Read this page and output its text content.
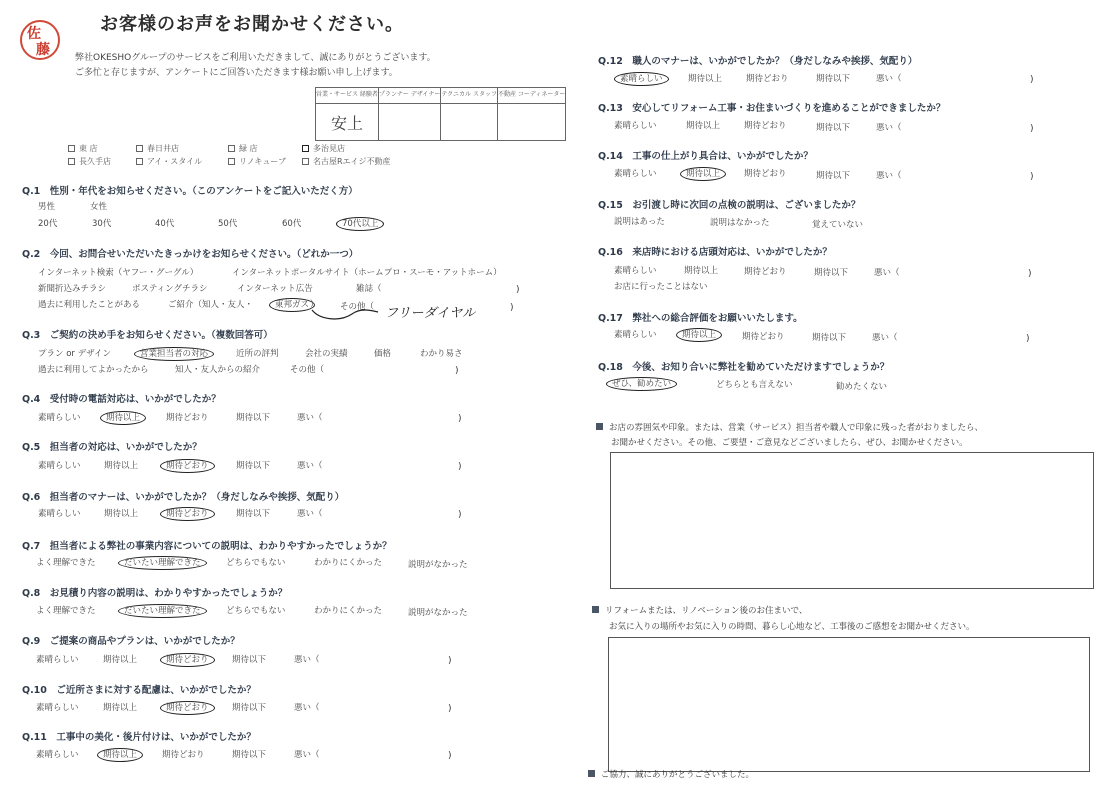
佐
藤
お客様のお声をお聞かせください。
弊社OKESHOグループのサービスをご利用いただきまして、誠にありがとうございます。
ご多忙と存じますが、アンケートにご回答いただきます様お願い申し上げます。
営業・サービス 経験者	プランナー デザイナー	テクニカル スタッフ	不動産 コーディネーター
安上			
東 店	春日井店	緑 店	多治見店
長久手店	アイ・スタイル	リノキューブ	名古屋Rエイジ不動産
Q.1　性別・年代をお知らせください。（このアンケートをご記入いただく方）
男性	女性
20代	30代	40代	50代	60代	70代以上
Q.2　今回、お問合せいただいたきっかけをお知らせください。（どれか一つ）
インターネット検索（ヤフー・グーグル）	インターネットポータルサイト（ホームプロ・スーモ・アットホーム）
新聞折込みチラシ	ポスティングチラシ	インターネット広告	雑誌（	)
過去に利用したことがある	ご紹介（知人・友人・	東邦ガス ）	その他（ フリーダイヤル	)
Q.3　ご契約の決め手をお知らせください。（複数回答可）
プラン or デザイン	営業担当者の対応	近所の評判	会社の実績	価格	わかり易さ
過去に利用してよかったから	知人・友人からの紹介	その他（	)
Q.4　受付時の電話対応は、いかがでしたか？
素晴らしい	期待以上	期待どおり	期待以下	悪い（	)
Q.5　担当者の対応は、いかがでしたか？
素晴らしい	期待以上	期待どおり	期待以下	悪い（	)
Q.6　担当者のマナーは、いかがでしたか？（身だしなみや挨拶、気配り）
素晴らしい	期待以上	期待どおり	期待以下	悪い（	)
Q.7　担当者による弊社の事業内容についての説明は、わかりやすかったでしょうか？
よく理解できた	だいたい理解できた	どちらでもない	わかりにくかった	説明がなかった
Q.8　お見積り内容の説明は、わかりやすかったでしょうか？
よく理解できた	だいたい理解できた	どちらでもない	わかりにくかった	説明がなかった
Q.9　ご提案の商品やプランは、いかがでしたか？
素晴らしい	期待以上	期待どおり	期待以下	悪い（	)
Q.10　ご近所さまに対する配慮は、いかがでしたか？
素晴らしい	期待以上	期待どおり	期待以下	悪い（	)
Q.11　工事中の美化・後片付けは、いかがでしたか？
素晴らしい	期待以上	期待どおり	期待以下	悪い（	)
Q.12　職人のマナーは、いかがでしたか？（身だしなみや挨拶、気配り）
素晴らしい	期待以上	期待どおり	期待以下	悪い（	)
Q.13　安心してリフォーム工事・お住まいづくりを進めることができましたか？
素晴らしい	期待以上	期待どおり	期待以下	悪い（	)
Q.14　工事の仕上がり具合は、いかがでしたか？
素晴らしい	期待以上	期待どおり	期待以下	悪い（	)
Q.15　お引渡し時に次回の点検の説明は、ございましたか？
説明はあった	説明はなかった	覚えていない
Q.16　来店時における店頭対応は、いかがでしたか？
素晴らしい	期待以上	期待どおり	期待以下	悪い（	)
お店に行ったことはない
Q.17　弊社への総合評価をお願いいたします。
素晴らしい	期待以上	期待どおり	期待以下	悪い（	)
Q.18　今後、お知り合いに弊社を勧めていただけますでしょうか？
ぜひ、勧めたい	どちらとも言えない	勧めたくない
お店の雰囲気や印象。または、営業（サービス）担当者や職人で印象に残った者がおりましたら、
お聞かせください。その他、ご要望・ご意見などございましたら、ぜひ、お聞かせください。
リフォームまたは、リノベーション後のお住まいで、
お気に入りの場所やお気に入りの時間、暮らし心地など、工事後のご感想をお聞かせください。
ご協力、誠にありがとうございました。
